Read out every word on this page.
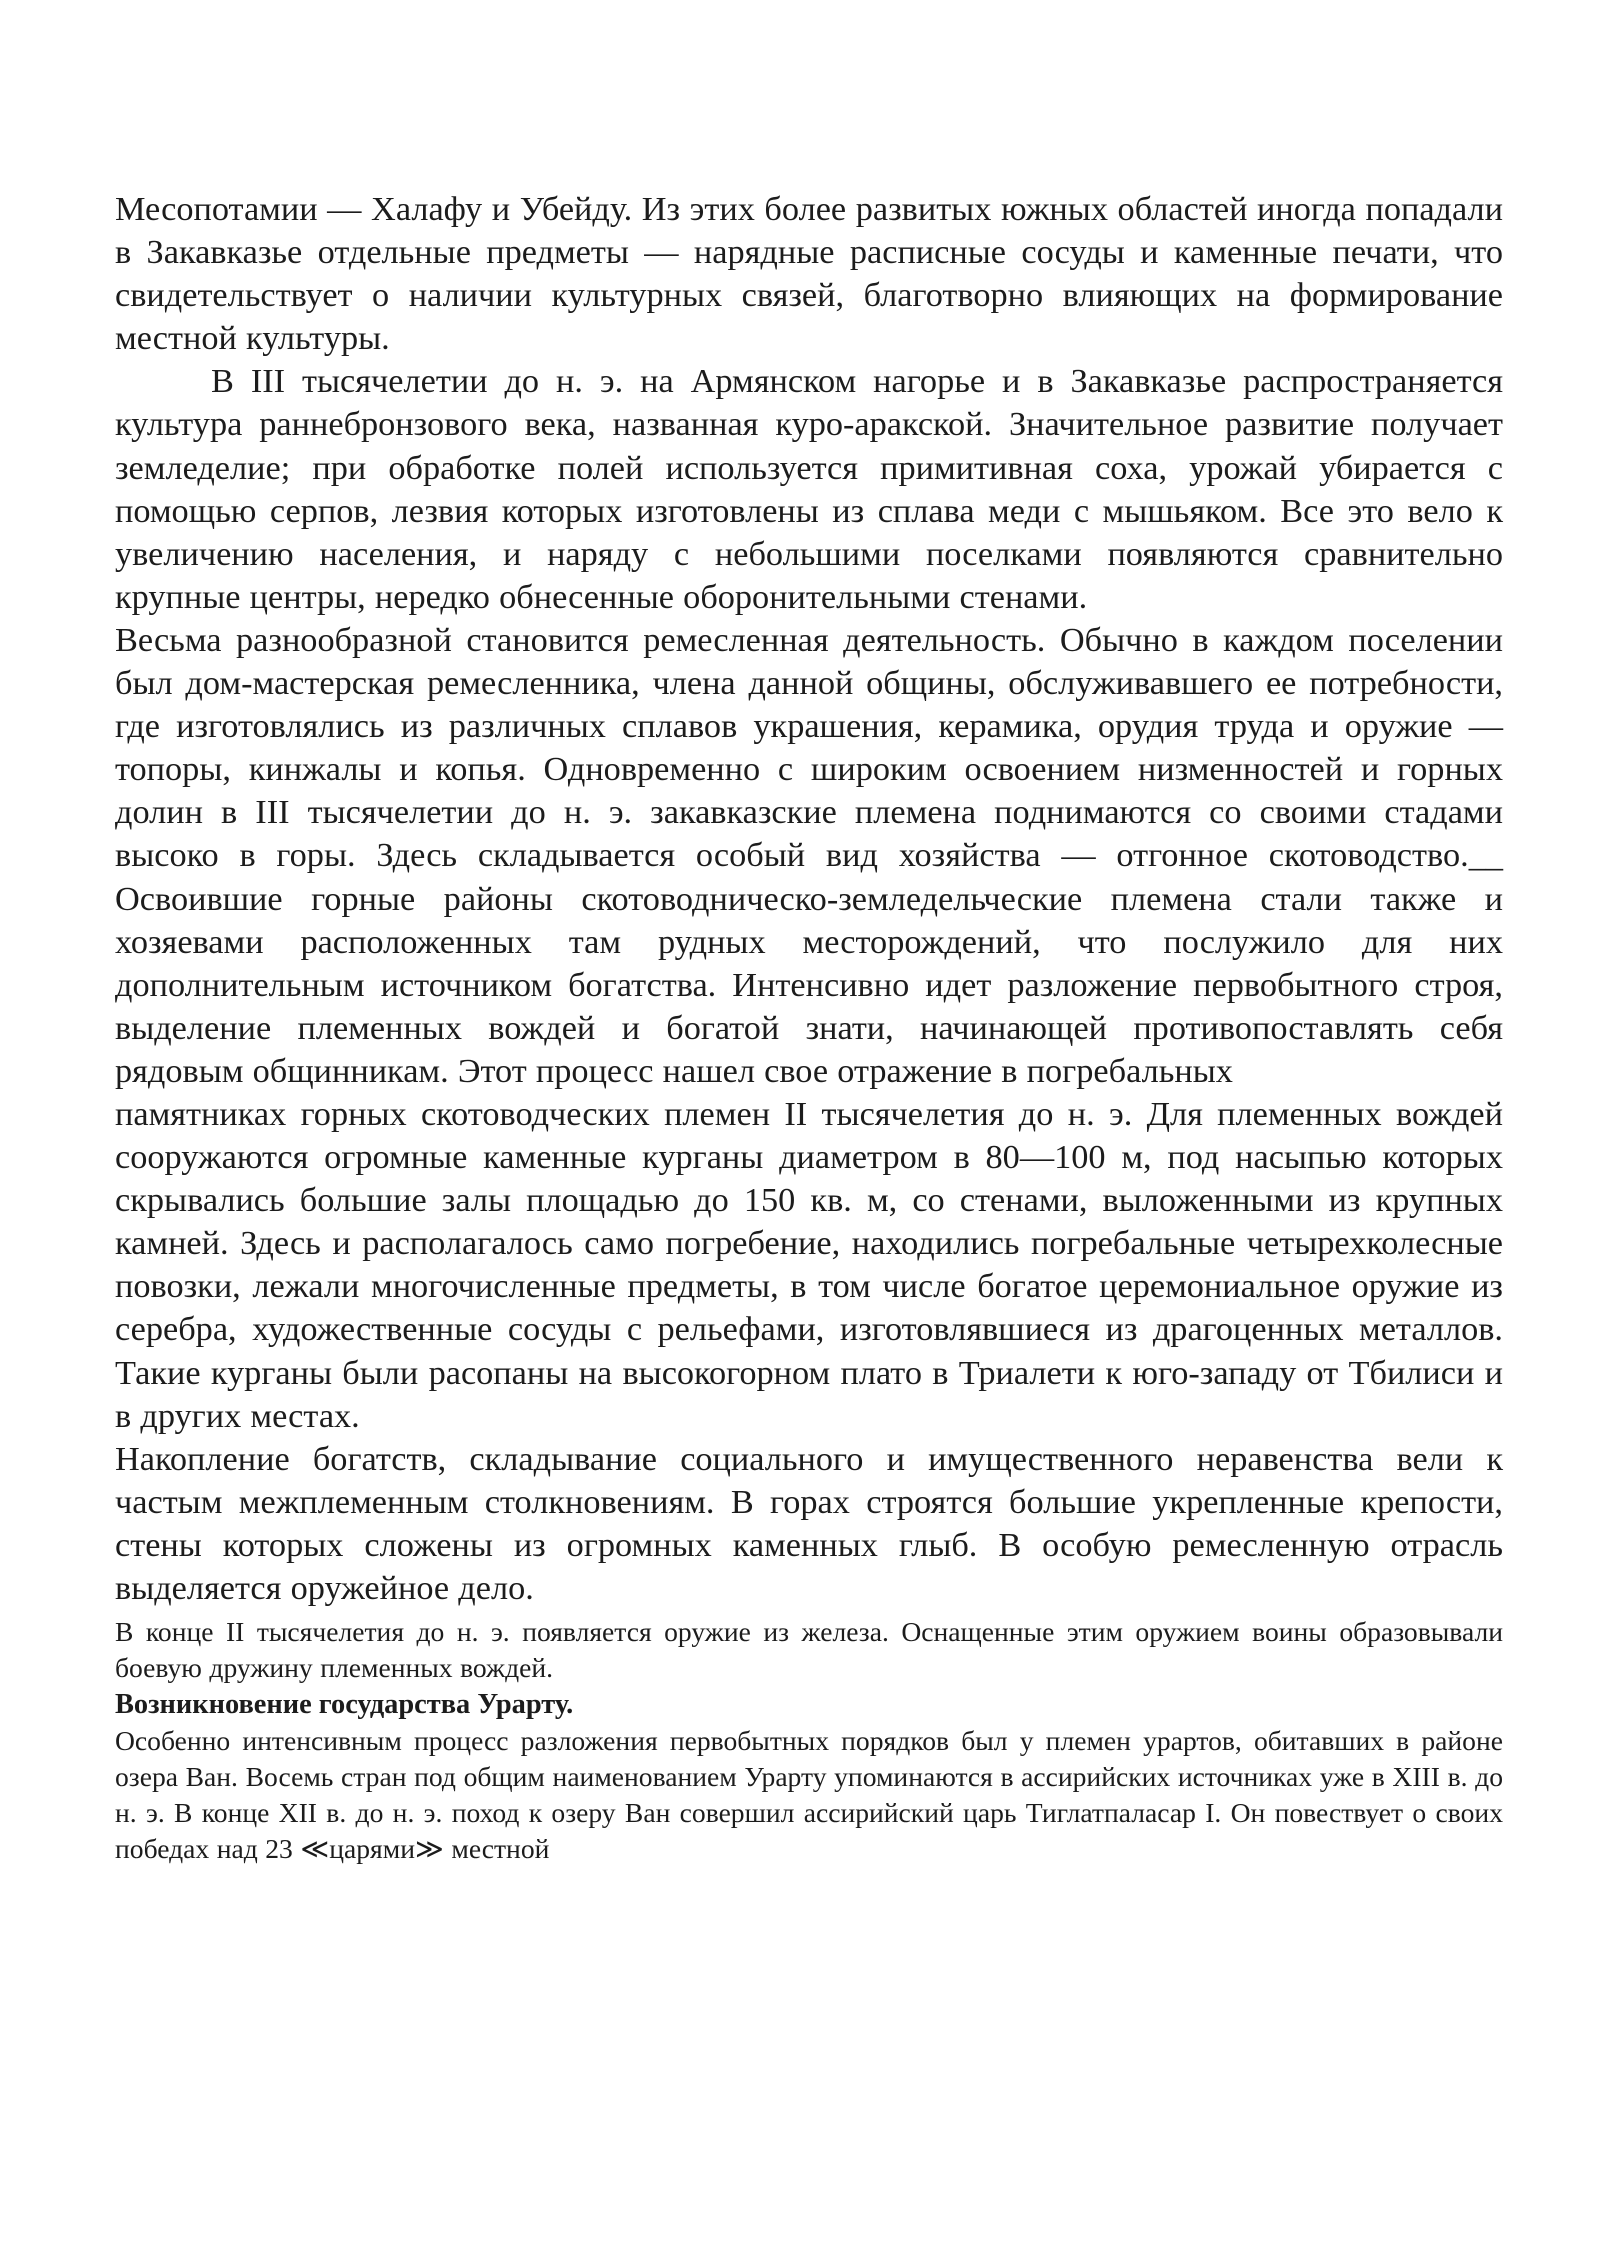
Месопотамии — Халафу и Убейду. Из этих более развитых южных областей иногда попадали в Закавказье отдельные предметы — нарядные расписные сосуды и каменные печати, что свидетельствует о наличии культурных связей, благотворно влияющих на формирование местной культуры.

В III тысячелетии до н. э. на Армянском нагорье и в Закавказье распространяется культура раннебронзового века, названная куро-аракской. Значительное развитие получает земледелие; при обработке полей используется примитивная соха, урожай убирается с помощью серпов, лезвия которых изготовлены из сплава меди с мышьяком. Все это вело к увеличению населения, и наряду с небольшими поселками появляются сравнительно крупные центры, нередко обнесенные оборонительными стенами.

Весьма разнообразной становится ремесленная деятельность. Обычно в каждом поселении был дом-мастерская ремесленника, члена данной общины, обслуживавшего ее потребности, где изготовлялись из различных сплавов украшения, керамика, орудия труда и оружие — топоры, кинжалы и копья. Одновременно с широким освоением низменностей и горных долин в III тысячелетии до н. э. закавказские племена поднимаются со своими стадами высоко в горы. Здесь складывается особый вид хозяйства — отгонное скотоводство.__ Освоившие горные районы скотоводническо-земледельческие племена стали также и хозяевами расположенных там рудных месторождений, что послужило для них дополнительным источником богатства. Интенсивно идет разложение первобытного строя, выделение племенных вождей и богатой знати, начинающей противопоставлять себя рядовым общинникам. Этот процесс нашел свое отражение в погребальных

памятниках горных скотоводческих племен II тысячелетия до н. э. Для племенных вождей сооружаются огромные каменные курганы диаметром в 80—100 м, под насыпью которых скрывались большие залы площадью до 150 кв. м, со стенами, выложенными из крупных камней. Здесь и располагалось само погребение, находились погребальные четырехколесные повозки, лежали многочисленные предметы, в том числе богатое церемониальное оружие из серебра, художественные сосуды с рельефами, изготовлявшиеся из драгоценных металлов. Такие курганы были расопаны на высокогорном плато в Триалети к юго-западу от Тбилиси и в других местах.

Накопление богатств, складывание социального и имущественного неравенства вели к частым межплеменным столкновениям. В горах строятся большие укрепленные крепости, стены которых сложены из огромных каменных глыб. В особую ремесленную отрасль выделяется оружейное дело.

В конце II тысячелетия до н. э. появляется оружие из железа. Оснащенные этим оружием воины образовывали боевую дружину племенных вождей.

Возникновение государства Урарту.

Особенно интенсивным процесс разложения первобытных порядков был у племен урартов, обитавших в районе озера Ван. Восемь стран под общим наименованием Урарту упоминаются в ассирийских источниках уже в XIII в. до н. э. В конце XII в. до н. э. поход к озеру Ван совершил ассирийский царь Тиглатпаласар I. Он повествует о своих победах над 23 ≪царями≫ местной
